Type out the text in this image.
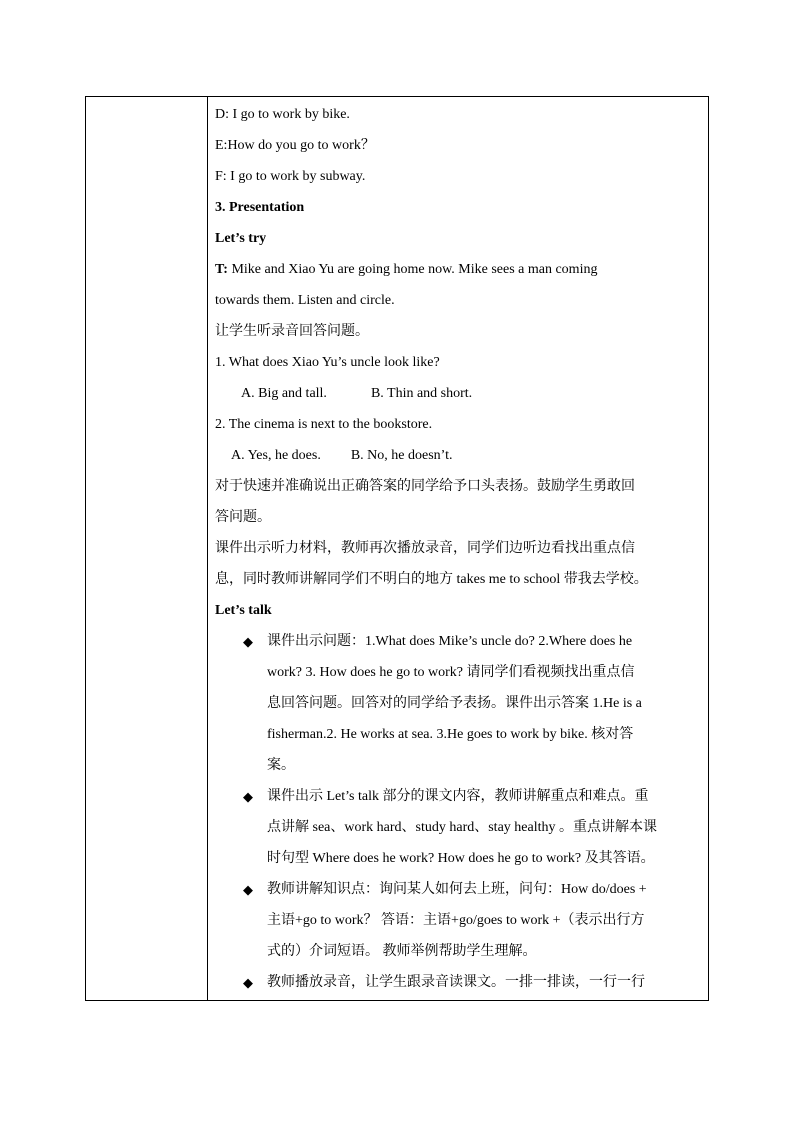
D: I go to work by bike.
E:How do you go to work？
F: I go to work by subway.
3. Presentation
Let’s try
T: Mike and Xiao Yu are going home now. Mike sees a man coming
towards them. Listen and circle.
让学生听录音回答问题。
1. What does Xiao Yu’s uncle look like?
A. Big and tall.	B. Thin and short.
2. The cinema is next to the bookstore.
A. Yes, he does. B. No, he doesn’t.
对于快速并准确说出正确答案的同学给予口头表扬。鼓励学生勇敢回
答问题。
课件出示听力材料，教师再次播放录音，同学们边听边看找出重点信
息，同时教师讲解同学们不明白的地方 takes me to school 带我去学校。
Let’s talk
◆ 课件出示问题：1.What does Mike’s uncle do? 2.Where does he
work? 3. How does he go to work? 请同学们看视频找出重点信
息回答问题。回答对的同学给予表扬。课件出示答案 1.He is a
fisherman.2. He works at sea. 3.He goes to work by bike. 核对答
案。
◆ 课件出示 Let’s talk 部分的课文内容，教师讲解重点和难点。重
点讲解 sea、work hard、study hard、stay healthy 。重点讲解本课
时句型 Where does he work? How does he go to work? 及其答语。
◆ 教师讲解知识点：询问某人如何去上班，问句：How do/does +
主语+go to work？ 答语：主语+go/goes to work +（表示出行方
式的）介词短语。 教师举例帮助学生理解。
◆ 教师播放录音，让学生跟录音读课文。一排一排读，一行一行
